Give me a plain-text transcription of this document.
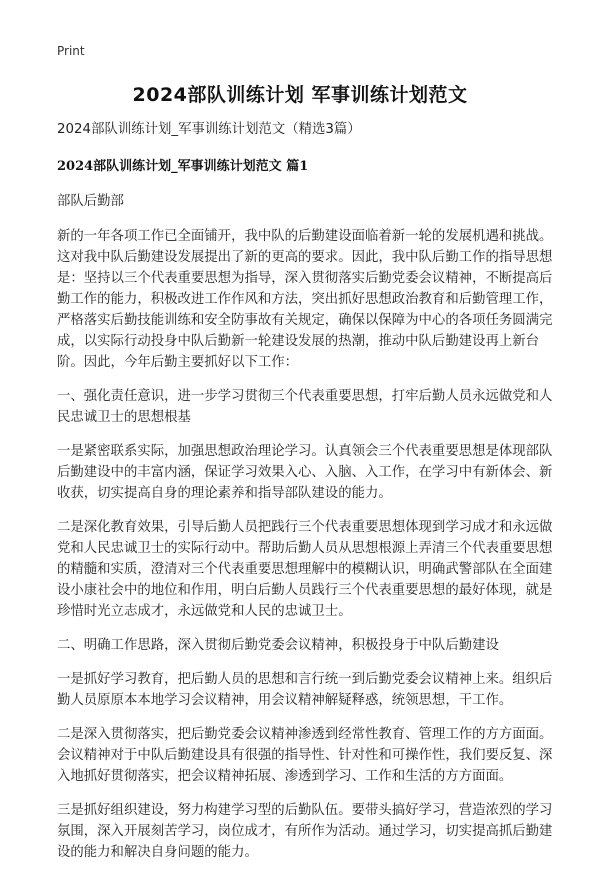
Print
2024部队训练计划 军事训练计划范文

2024部队训练计划_军事训练计划范文（精选3篇）

2024部队训练计划_军事训练计划范文 篇1

部队后勤部

新的一年各项工作已全面铺开，我中队的后勤建设面临着新一轮的发展机遇和挑战。这对我中队后勤建设发展提出了新的更高的要求。因此，我中队后勤工作的指导思想是：坚持以三个代表重要思想为指导，深入贯彻落实后勤党委会议精神，不断提高后勤工作的能力，积极改进工作作风和方法，突出抓好思想政治教育和后勤管理工作，严格落实后勤技能训练和安全防事故有关规定，确保以保障为中心的各项任务圆满完成，以实际行动投身中队后勤新一轮建设发展的热潮，推动中队后勤建设再上新台阶。因此，今年后勤主要抓好以下工作：

一、强化责任意识，进一步学习贯彻三个代表重要思想，打牢后勤人员永远做党和人民忠诚卫士的思想根基

一是紧密联系实际，加强思想政治理论学习。认真领会三个代表重要思想是体现部队后勤建设中的丰富内涵，保证学习效果入心、入脑、入工作，在学习中有新体会、新收获，切实提高自身的理论素养和指导部队建设的能力。

二是深化教育效果，引导后勤人员把践行三个代表重要思想体现到学习成才和永远做党和人民忠诚卫士的实际行动中。帮助后勤人员从思想根源上弄清三个代表重要思想的精髓和实质，澄清对三个代表重要思想理解中的模糊认识，明确武警部队在全面建设小康社会中的地位和作用，明白后勤人员践行三个代表重要思想的最好体现，就是珍惜时光立志成才，永远做党和人民的忠诚卫士。

二、明确工作思路，深入贯彻后勤党委会议精神，积极投身于中队后勤建设

一是抓好学习教育，把后勤人员的思想和言行统一到后勤党委会议精神上来。组织后勤人员原原本本地学习会议精神，用会议精神解疑释惑，统领思想，干工作。

二是深入贯彻落实，把后勤党委会议精神渗透到经常性教育、管理工作的方方面面。会议精神对于中队后勤建设具有很强的指导性、针对性和可操作性，我们要反复、深入地抓好贯彻落实，把会议精神拓展、渗透到学习、工作和生活的方方面面。

三是抓好组织建设，努力构建学习型的后勤队伍。要带头搞好学习，营造浓烈的学习氛围，深入开展刻苦学习，岗位成才，有所作为活动。通过学习，切实提高抓后勤建设的能力和解决自身问题的能力。
